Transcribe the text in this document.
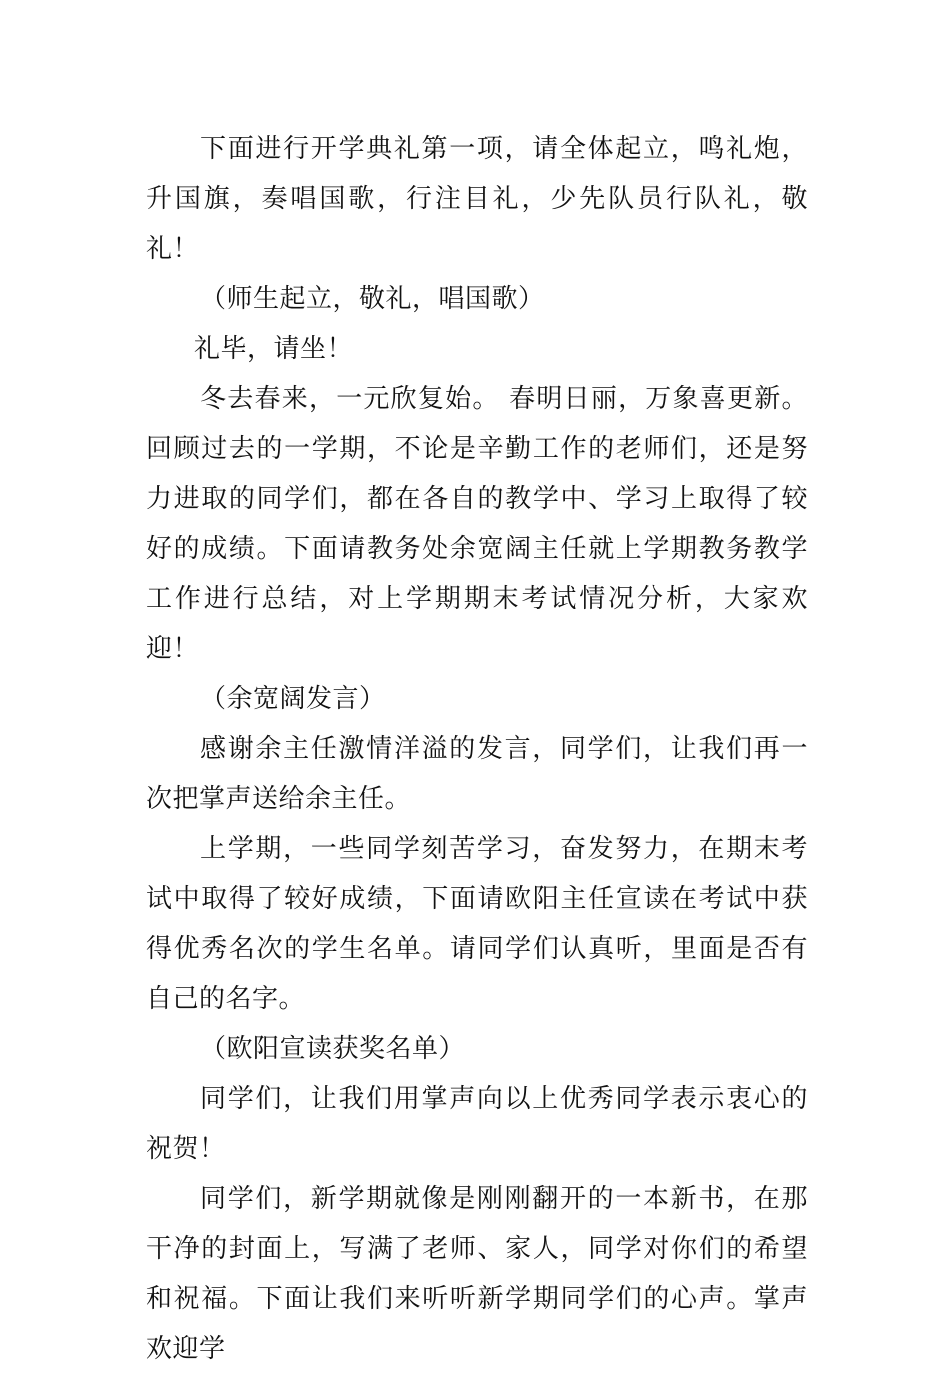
下面进行开学典礼第一项，请全体起立，鸣礼炮，升国旗，奏唱国歌，行注目礼，少先队员行队礼，敬礼！

（师生起立，敬礼，唱国歌）

礼毕，请坐！

冬去春来，一元欣复始。 春明日丽，万象喜更新。回顾过去的一学期，不论是辛勤工作的老师们，还是努力进取的同学们，都在各自的教学中、学习上取得了较好的成绩。下面请教务处余宽阔主任就上学期教务教学工作进行总结，对上学期期末考试情况分析，大家欢迎！

（余宽阔发言）

感谢余主任激情洋溢的发言，同学们，让我们再一次把掌声送给余主任。

上学期，一些同学刻苦学习，奋发努力，在期末考试中取得了较好成绩，下面请欧阳主任宣读在考试中获得优秀名次的学生名单。请同学们认真听，里面是否有自己的名字。

（欧阳宣读获奖名单）

同学们，让我们用掌声向以上优秀同学表示衷心的祝贺！

同学们，新学期就像是刚刚翻开的一本新书，在那干净的封面上，写满了老师、家人，同学对你们的希望和祝福。下面让我们来听听新学期同学们的心声。掌声欢迎学
